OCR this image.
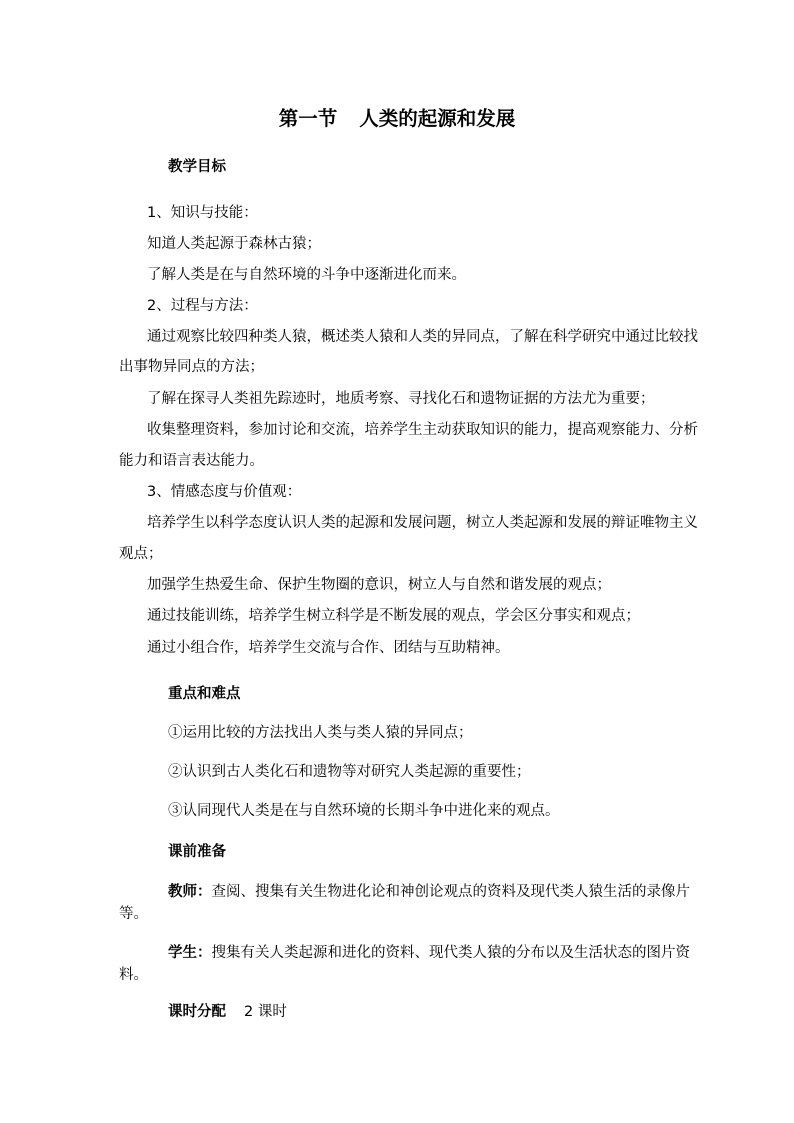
第一节 人类的起源和发展
教学目标
1、知识与技能：
知道人类起源于森林古猿；
了解人类是在与自然环境的斗争中逐渐进化而来。
2、过程与方法：
通过观察比较四种类人猿，概述类人猿和人类的异同点，了解在科学研究中通过比较找
出事物异同点的方法；
了解在探寻人类祖先踪迹时，地质考察、寻找化石和遗物证据的方法尤为重要；
收集整理资料，参加讨论和交流，培养学生主动获取知识的能力，提高观察能力、分析
能力和语言表达能力。
3、情感态度与价值观：
培养学生以科学态度认识人类的起源和发展问题，树立人类起源和发展的辩证唯物主义
观点；
加强学生热爱生命、保护生物圈的意识，树立人与自然和谐发展的观点；
通过技能训练，培养学生树立科学是不断发展的观点，学会区分事实和观点；
通过小组合作，培养学生交流与合作、团结与互助精神。
重点和难点
①运用比较的方法找出人类与类人猿的异同点；
②认识到古人类化石和遗物等对研究人类起源的重要性；
③认同现代人类是在与自然环境的长期斗争中进化来的观点。
课前准备
教师：查阅、搜集有关生物进化论和神创论观点的资料及现代类人猿生活的录像片
等。
学生：搜集有关人类起源和进化的资料、现代类人猿的分布以及生活状态的图片资
料。
课时分配 2 课时
